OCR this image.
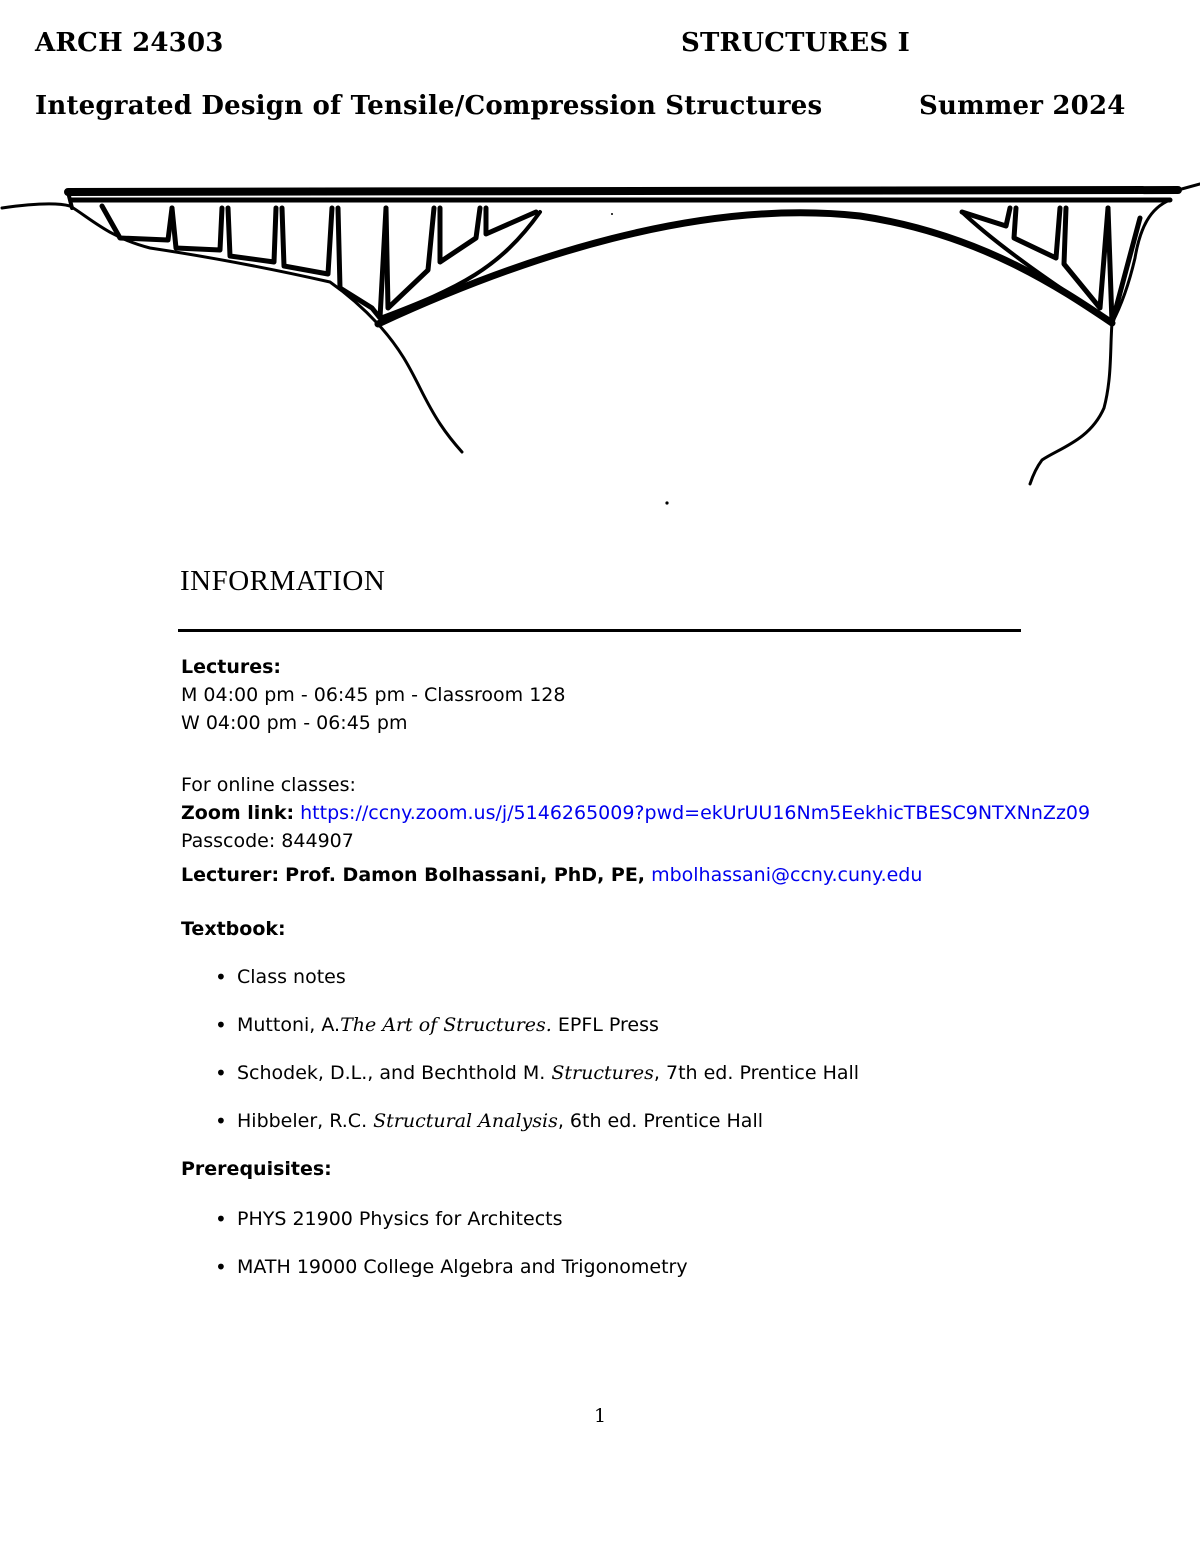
ARCH 24303	STRUCTURES I
Integrated Design of Tensile/Compression Structures	Summer 2024
INFORMATION
Lectures:
M 04:00 pm - 06:45 pm - Classroom 128
W 04:00 pm - 06:45 pm
For online classes:
Zoom link: https://ccny.zoom.us/j/5146265009?pwd=ekUrUU16Nm5EekhicTBESC9NTXNnZz09
Passcode: 844907
Lecturer: Prof. Damon Bolhassani, PhD, PE, mbolhassani@ccny.cuny.edu
Textbook:
• Class notes
• Muttoni, A.The Art of Structures. EPFL Press
• Schodek, D.L., and Bechthold M. Structures, 7th ed. Prentice Hall
• Hibbeler, R.C. Structural Analysis, 6th ed. Prentice Hall
Prerequisites:
• PHYS 21900 Physics for Architects
• MATH 19000 College Algebra and Trigonometry
1
